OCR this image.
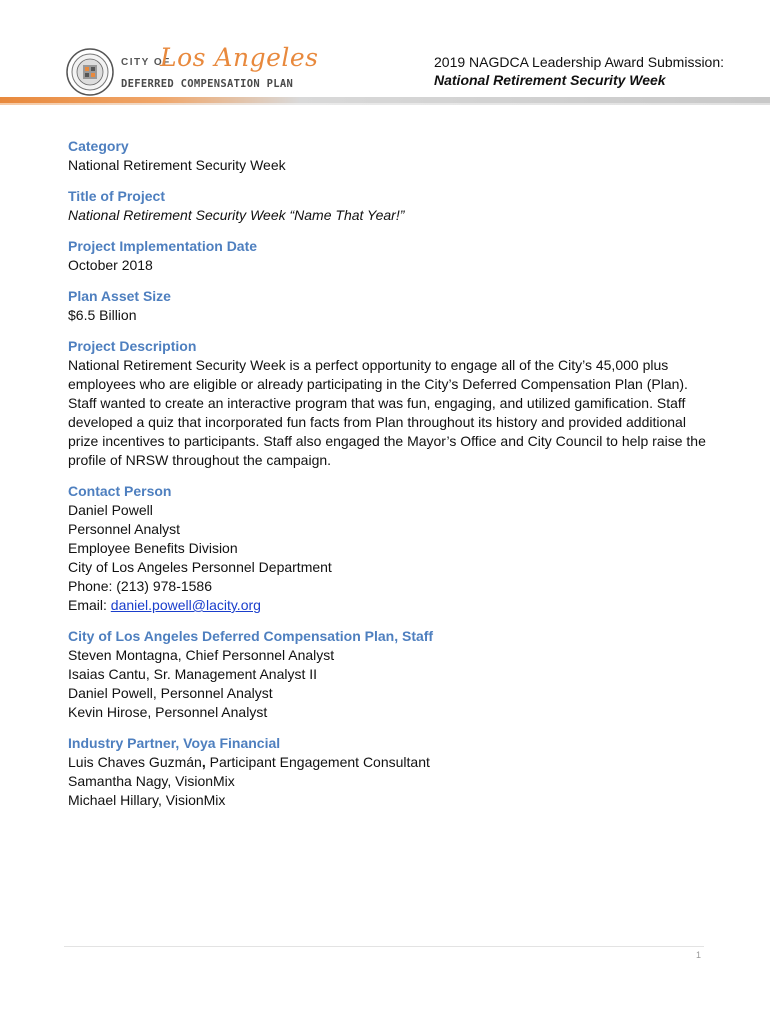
CITY OF
Los Angeles
DEFERRED COMPENSATION PLAN
2019 NAGDCA Leadership Award Submission:
National Retirement Security Week
Category
National Retirement Security Week
Title of Project
National Retirement Security Week “Name That Year!”
Project Implementation Date
October 2018
Plan Asset Size
$6.5 Billion
Project Description
National Retirement Security Week is a perfect opportunity to engage all of the City’s 45,000 plus
employees who are eligible or already participating in the City’s Deferred Compensation Plan (Plan).
Staff wanted to create an interactive program that was fun, engaging, and utilized gamification. Staff
developed a quiz that incorporated fun facts from Plan throughout its history and provided additional
prize incentives to participants. Staff also engaged the Mayor’s Office and City Council to help raise the
profile of NRSW throughout the campaign.
Contact Person
Daniel Powell
Personnel Analyst
Employee Benefits Division
City of Los Angeles Personnel Department
Phone: (213) 978-1586
Email: daniel.powell@lacity.org
City of Los Angeles Deferred Compensation Plan, Staff
Steven Montagna, Chief Personnel Analyst
Isaias Cantu, Sr. Management Analyst II
Daniel Powell, Personnel Analyst
Kevin Hirose, Personnel Analyst
Industry Partner, Voya Financial
Luis Chaves Guzmán, Participant Engagement Consultant
Samantha Nagy, VisionMix
Michael Hillary, VisionMix
1
